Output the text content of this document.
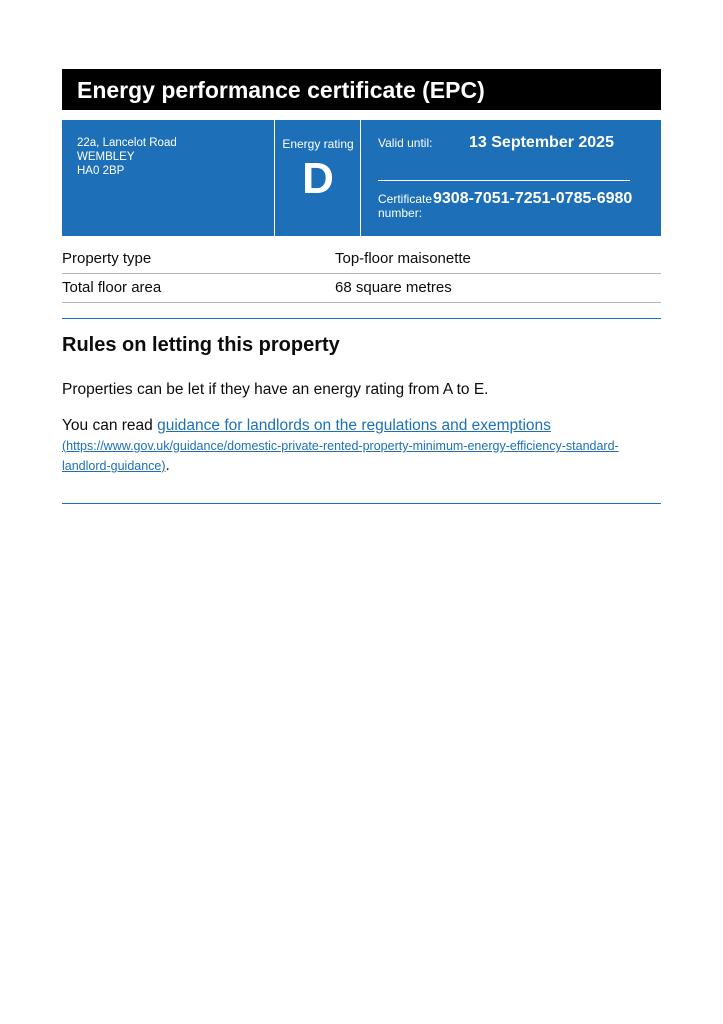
Energy performance certificate (EPC)
22a, Lancelot Road
WEMBLEY
HA0 2BP
Energy rating
D
Valid until: 13 September 2025
Certificate number:
9308-7051-7251-0785-6980
Property type	Top-floor maisonette
Total floor area	68 square metres
Rules on letting this property
Properties can be let if they have an energy rating from A to E.
You can read guidance for landlords on the regulations and exemptions
(https://www.gov.uk/guidance/domestic-private-rented-property-minimum-energy-efficiency-standard-
landlord-guidance).
